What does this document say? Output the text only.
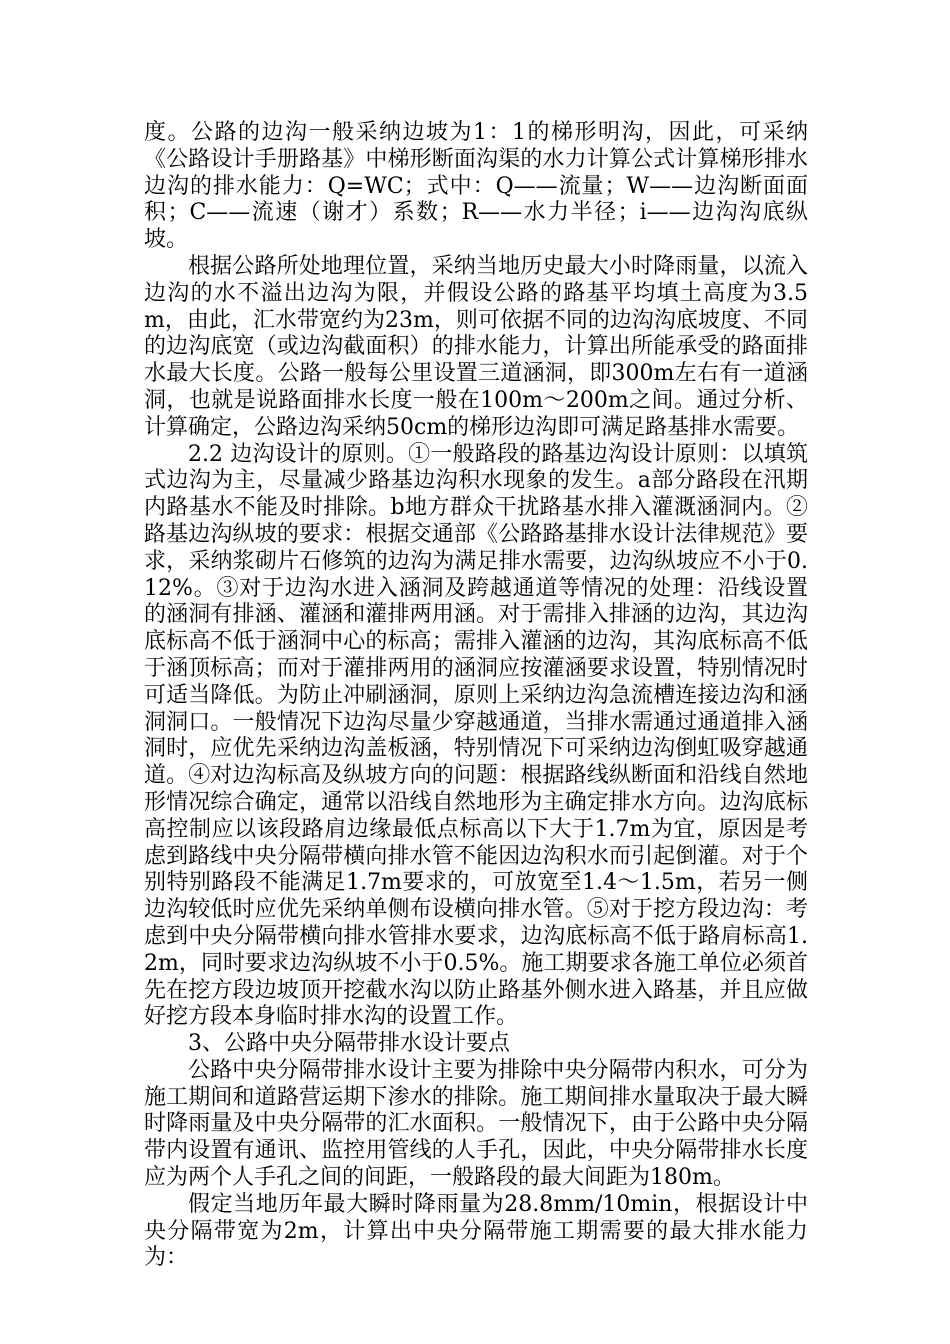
度。公路的边沟一般采纳边坡为1：1的梯形明沟，因此，可采纳《公路设计手册路基》中梯形断面沟渠的水力计算公式计算梯形排水边沟的排水能力：Q=WC；式中：Q——流量；W——边沟断面面积；C——流速（谢才）系数；R——水力半径；i——边沟沟底纵坡。

根据公路所处地理位置，采纳当地历史最大小时降雨量，以流入边沟的水不溢出边沟为限，并假设公路的路基平均填土高度为3.5m，由此，汇水带宽约为23m，则可依据不同的边沟沟底坡度、不同的边沟底宽（或边沟截面积）的排水能力，计算出所能承受的路面排水最大长度。公路一般每公里设置三道涵洞，即300m左右有一道涵洞，也就是说路面排水长度一般在100m～200m之间。通过分析、计算确定，公路边沟采纳50cm的梯形边沟即可满足路基排水需要。

2.2 边沟设计的原则。①一般路段的路基边沟设计原则：以填筑式边沟为主，尽量减少路基边沟积水现象的发生。a部分路段在汛期内路基水不能及时排除。b地方群众干扰路基水排入灌溉涵洞内。②路基边沟纵坡的要求：根据交通部《公路路基排水设计法律规范》要求，采纳浆砌片石修筑的边沟为满足排水需要，边沟纵坡应不小于0.12%。③对于边沟水进入涵洞及跨越通道等情况的处理：沿线设置的涵洞有排涵、灌涵和灌排两用涵。对于需排入排涵的边沟，其边沟底标高不低于涵洞中心的标高；需排入灌涵的边沟，其沟底标高不低于涵顶标高；而对于灌排两用的涵洞应按灌涵要求设置，特别情况时可适当降低。为防止冲刷涵洞，原则上采纳边沟急流槽连接边沟和涵洞洞口。一般情况下边沟尽量少穿越通道，当排水需通过通道排入涵洞时，应优先采纳边沟盖板涵，特别情况下可采纳边沟倒虹吸穿越通道。④对边沟标高及纵坡方向的问题：根据路线纵断面和沿线自然地形情况综合确定，通常以沿线自然地形为主确定排水方向。边沟底标高控制应以该段路肩边缘最低点标高以下大于1.7m为宜，原因是考虑到路线中央分隔带横向排水管不能因边沟积水而引起倒灌。对于个别特别路段不能满足1.7m要求的，可放宽至1.4～1.5m，若另一侧边沟较低时应优先采纳单侧布设横向排水管。⑤对于挖方段边沟：考虑到中央分隔带横向排水管排水要求，边沟底标高不低于路肩标高1.2m，同时要求边沟纵坡不小于0.5%。施工期要求各施工单位必须首先在挖方段边坡顶开挖截水沟以防止路基外侧水进入路基，并且应做好挖方段本身临时排水沟的设置工作。

3、公路中央分隔带排水设计要点

公路中央分隔带排水设计主要为排除中央分隔带内积水，可分为施工期间和道路营运期下渗水的排除。施工期间排水量取决于最大瞬时降雨量及中央分隔带的汇水面积。一般情况下，由于公路中央分隔带内设置有通讯、监控用管线的人手孔，因此，中央分隔带排水长度应为两个人手孔之间的间距，一般路段的最大间距为180m。

假定当地历年最大瞬时降雨量为28.8mm/10min，根据设计中央分隔带宽为2m，计算出中央分隔带施工期需要的最大排水能力为：
